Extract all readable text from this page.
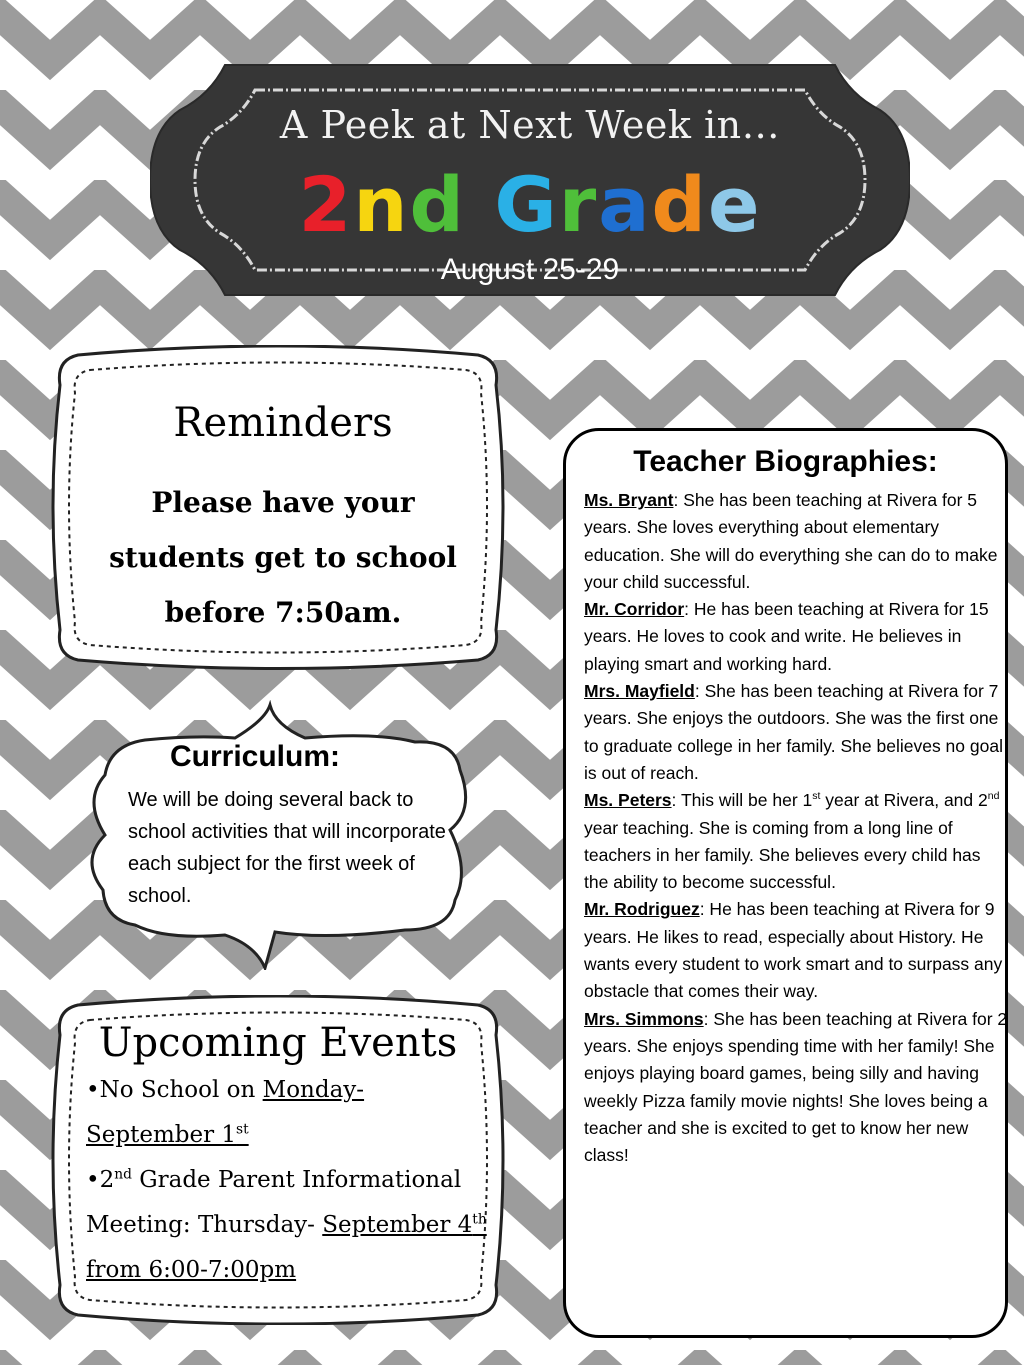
A Peek at Next Week in…
2nd Grade
August 25-29
Reminders
Please have your students get to school before 7:50am.
Curriculum:
We will be doing several back to school activities that will incorporate each subject for the first week of school.
Upcoming Events
•No School on Monday-
September 1st
•2nd Grade Parent Informational
Meeting: Thursday- September 4th
from 6:00-7:00pm
Teacher Biographies:
Ms. Bryant: She has been teaching at Rivera for 5 years. She loves everything about elementary education. She will do everything she can do to make your child successful.
Mr. Corridor: He has been teaching at Rivera for 15 years. He loves to cook and write. He believes in playing smart and working hard.
Mrs. Mayfield: She has been teaching at Rivera for 7 years. She enjoys the outdoors. She was the first one to graduate college in her family. She believes no goal is out of reach.
Ms. Peters: This will be her 1st year at Rivera, and 2nd year teaching. She is coming from a long line of teachers in her family. She believes every child has the ability to become successful.
Mr. Rodriguez: He has been teaching at Rivera for 9 years. He likes to read, especially about History. He wants every student to work smart and to surpass any obstacle that comes their way.
Mrs. Simmons: She has been teaching at Rivera for 2 years. She enjoys spending time with her family! She enjoys playing board games, being silly and having weekly Pizza family movie nights! She loves being a teacher and she is excited to get to know her new class!
